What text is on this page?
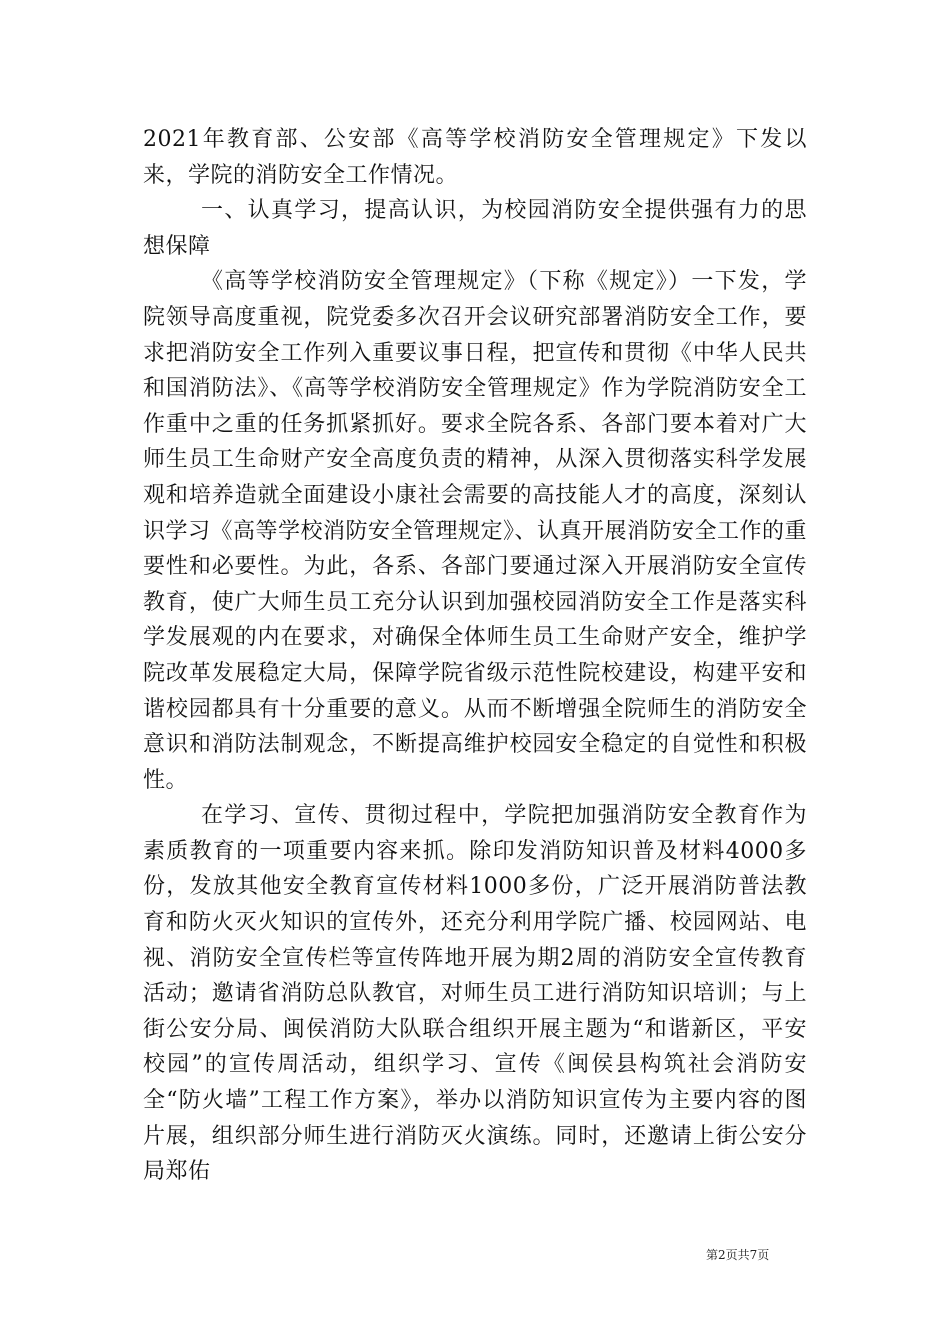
2021年教育部、公安部《高等学校消防安全管理规定》下发以来，学院的消防安全工作情况。

一、认真学习，提高认识，为校园消防安全提供强有力的思想保障

《高等学校消防安全管理规定》（下称《规定》）一下发，学院领导高度重视，院党委多次召开会议研究部署消防安全工作，要求把消防安全工作列入重要议事日程，把宣传和贯彻《中华人民共和国消防法》、《高等学校消防安全管理规定》作为学院消防安全工作重中之重的任务抓紧抓好。要求全院各系、各部门要本着对广大师生员工生命财产安全高度负责的精神，从深入贯彻落实科学发展观和培养造就全面建设小康社会需要的高技能人才的高度，深刻认识学习《高等学校消防安全管理规定》、认真开展消防安全工作的重要性和必要性。为此，各系、各部门要通过深入开展消防安全宣传教育，使广大师生员工充分认识到加强校园消防安全工作是落实科学发展观的内在要求，对确保全体师生员工生命财产安全，维护学院改革发展稳定大局，保障学院省级示范性院校建设，构建平安和谐校园都具有十分重要的意义。从而不断增强全院师生的消防安全意识和消防法制观念，不断提高维护校园安全稳定的自觉性和积极性。

在学习、宣传、贯彻过程中，学院把加强消防安全教育作为素质教育的一项重要内容来抓。除印发消防知识普及材料4000多份，发放其他安全教育宣传材料1000多份，广泛开展消防普法教育和防火灭火知识的宣传外，还充分利用学院广播、校园网站、电视、消防安全宣传栏等宣传阵地开展为期2周的消防安全宣传教育活动；邀请省消防总队教官，对师生员工进行消防知识培训；与上街公安分局、闽侯消防大队联合组织开展主题为“和谐新区，平安校园”的宣传周活动，组织学习、宣传《闽侯县构筑社会消防安全“防火墙”工程工作方案》，举办以消防知识宣传为主要内容的图片展，组织部分师生进行消防灭火演练。同时，还邀请上街公安分局郑佑

第2页共7页
